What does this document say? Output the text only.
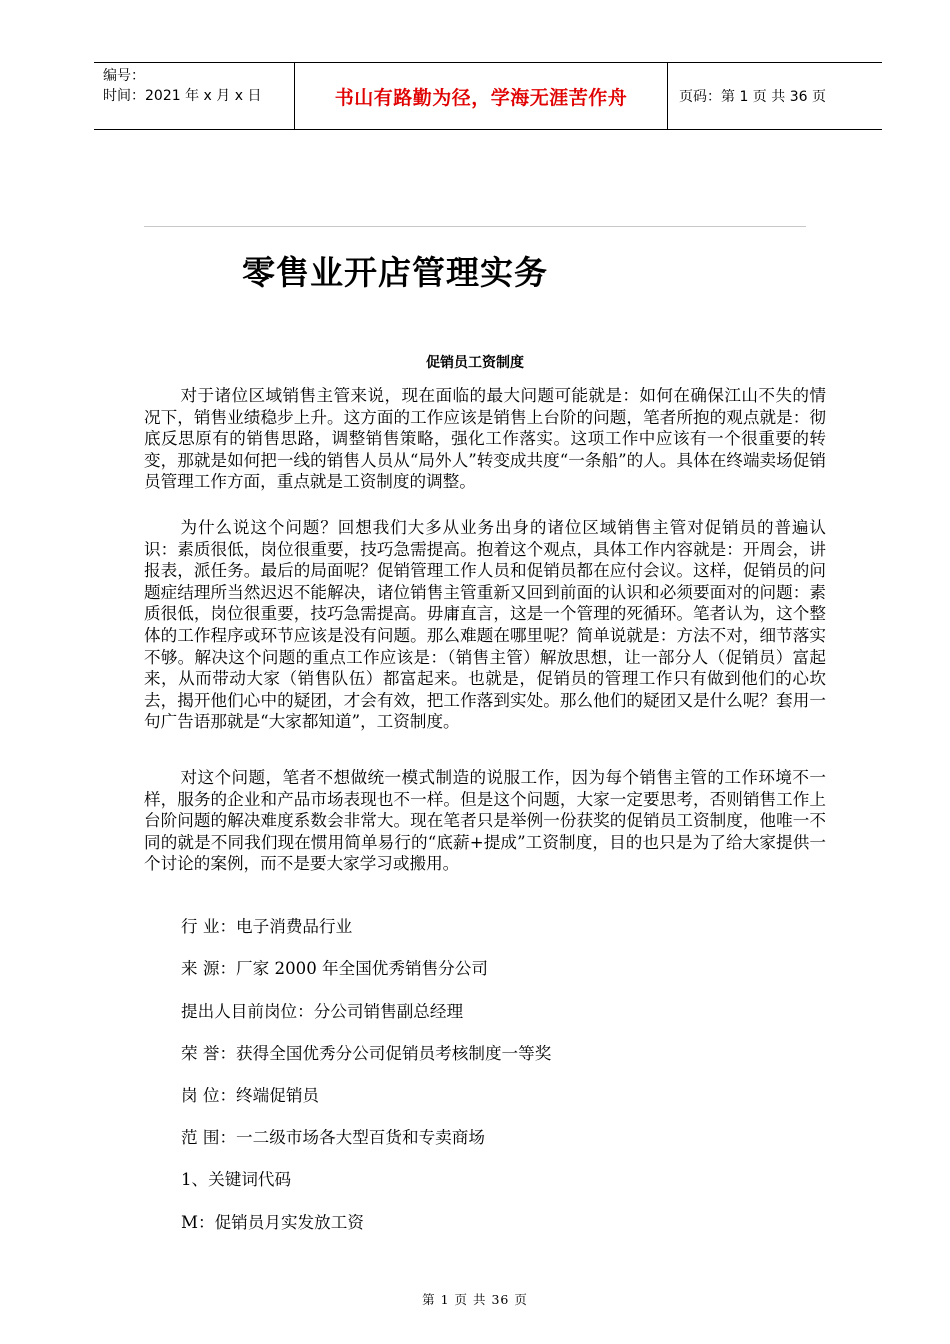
编号：
时间：2021 年 x 月 x 日	书山有路勤为径，学海无涯苦作舟	页码：第 1 页 共 36 页
零售业开店管理实务
促销员工资制度

对于诸位区域销售主管来说，现在面临的最大问题可能就是：如何在确保江山不失的情况下，销售业绩稳步上升。这方面的工作应该是销售上台阶的问题，笔者所抱的观点就是：彻底反思原有的销售思路，调整销售策略，强化工作落实。这项工作中应该有一个很重要的转变，那就是如何把一线的销售人员从“局外人”转变成共度“一条船”的人。具体在终端卖场促销员管理工作方面，重点就是工资制度的调整。

为什么说这个问题？回想我们大多从业务出身的诸位区域销售主管对促销员的普遍认识：素质很低，岗位很重要，技巧急需提高。抱着这个观点，具体工作内容就是：开周会，讲报表，派任务。最后的局面呢？促销管理工作人员和促销员都在应付会议。这样，促销员的问题症结理所当然迟迟不能解决，诸位销售主管重新又回到前面的认识和必须要面对的问题：素质很低，岗位很重要，技巧急需提高。毋庸直言，这是一个管理的死循环。笔者认为，这个整体的工作程序或环节应该是没有问题。那么难题在哪里呢？简单说就是：方法不对，细节落实不够。解决这个问题的重点工作应该是：（销售主管）解放思想，让一部分人（促销员）富起来，从而带动大家（销售队伍）都富起来。也就是，促销员的管理工作只有做到他们的心坎去，揭开他们心中的疑团，才会有效，把工作落到实处。那么他们的疑团又是什么呢？套用一句广告语那就是“大家都知道”，工资制度。

对这个问题，笔者不想做统一模式制造的说服工作，因为每个销售主管的工作环境不一样，服务的企业和产品市场表现也不一样。但是这个问题，大家一定要思考，否则销售工作上台阶问题的解决难度系数会非常大。现在笔者只是举例一份获奖的促销员工资制度，他唯一不同的就是不同我们现在惯用简单易行的“底薪+提成”工资制度，目的也只是为了给大家提供一个讨论的案例，而不是要大家学习或搬用。

行 业：电子消费品行业
来 源：厂家 2000 年全国优秀销售分公司
提出人目前岗位：分公司销售副总经理
荣 誉：获得全国优秀分公司促销员考核制度一等奖
岗 位：终端促销员
范 围：一二级市场各大型百货和专卖商场
1、关键词代码
M：促销员月实发放工资
第 1 页 共 36 页
